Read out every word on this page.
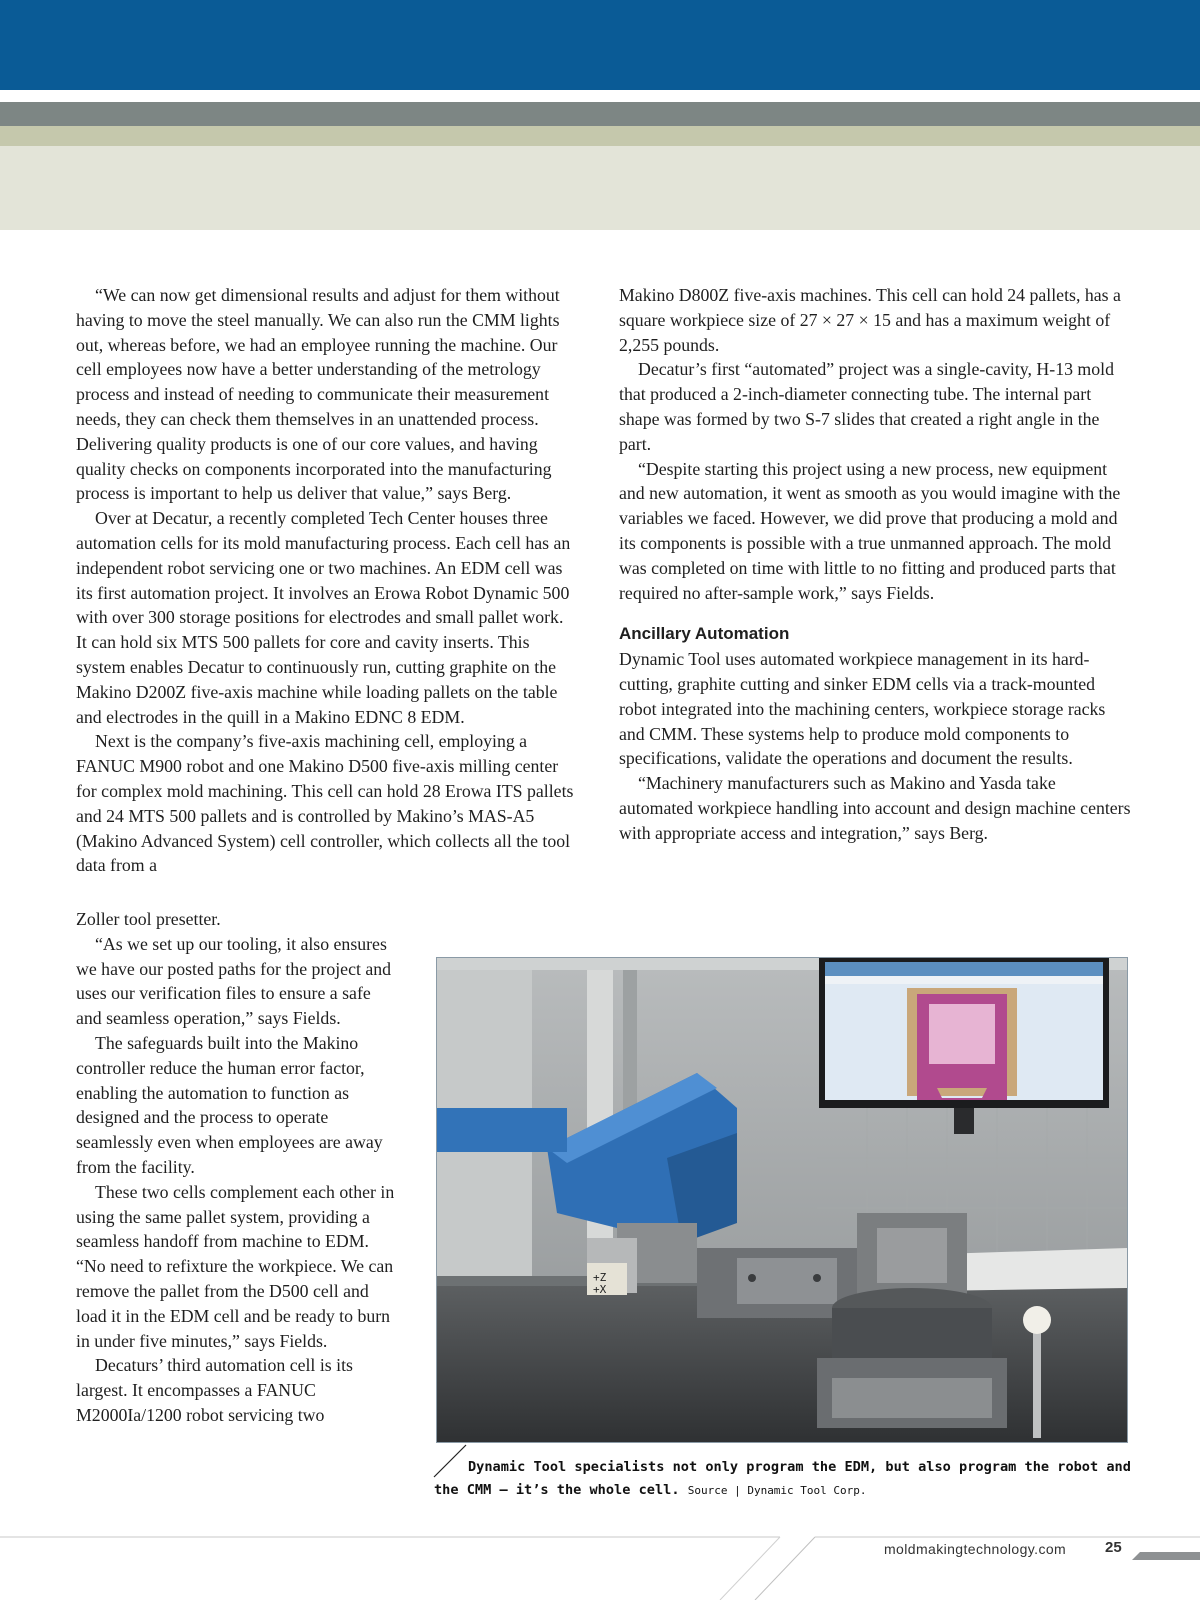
“We can now get dimensional results and adjust for them without having to move the steel manually. We can also run the CMM lights out, whereas before, we had an employee running the machine. Our cell employees now have a better understanding of the metrology process and instead of needing to communicate their measurement needs, they can check them themselves in an unattended process. Delivering quality products is one of our core values, and having quality checks on components incorporated into the manufacturing process is important to help us deliver that value,” says Berg.

Over at Decatur, a recently completed Tech Center houses three automation cells for its mold manufacturing process. Each cell has an independent robot servicing one or two machines. An EDM cell was its first automation project. It involves an Erowa Robot Dynamic 500 with over 300 storage positions for electrodes and small pallet work. It can hold six MTS 500 pallets for core and cavity inserts. This system enables Decatur to continuously run, cutting graphite on the Makino D200Z five-axis machine while loading pallets on the table and electrodes in the quill in a Makino EDNC 8 EDM.

Next is the company’s five-axis machining cell, employing a FANUC M900 robot and one Makino D500 five-axis milling center for complex mold machining. This cell can hold 28 Erowa ITS pallets and 24 MTS 500 pallets and is controlled by Makino’s MAS-A5 (Makino Advanced System) cell controller, which collects all the tool data from a

Zoller tool presetter.

“As we set up our tooling, it also ensures we have our posted paths for the project and uses our verification files to ensure a safe and seamless operation,” says Fields.

The safeguards built into the Makino controller reduce the human error factor, enabling the automation to function as designed and the process to operate seamlessly even when employees are away from the facility.

These two cells complement each other in using the same pallet system, providing a seamless handoff from machine to EDM. “No need to refixture the workpiece. We can remove the pallet from the D500 cell and load it in the EDM cell and be ready to burn in under five minutes,” says Fields.

Decaturs’ third automation cell is its largest. It encompasses a FANUC M2000Ia/1200 robot servicing two

Makino D800Z five-axis machines. This cell can hold 24 pallets, has a square workpiece size of 27 × 27 × 15 and has a maximum weight of 2,255 pounds.

Decatur’s first “automated” project was a single-cavity, H-13 mold that produced a 2-inch-diameter connecting tube. The internal part shape was formed by two S-7 slides that created a right angle in the part.

“Despite starting this project using a new process, new equipment and new automation, it went as smooth as you would imagine with the variables we faced. However, we did prove that producing a mold and its components is possible with a true unmanned approach. The mold was completed on time with little to no fitting and produced parts that required no after-sample work,” says Fields.

Ancillary Automation

Dynamic Tool uses automated workpiece management in its hard-cutting, graphite cutting and sinker EDM cells via a track-mounted robot integrated into the machining centers, workpiece storage racks and CMM. These systems help to produce mold components to specifications, validate the operations and document the results.

“Machinery manufacturers such as Makino and Yasda take automated workpiece handling into account and design machine centers with appropriate access and integration,” says Berg.

+Z
+X
Dynamic Tool specialists not only program the EDM, but also program the robot and the CMM — it’s the whole cell. Source | Dynamic Tool Corp.
moldmakingtechnology.com	25
